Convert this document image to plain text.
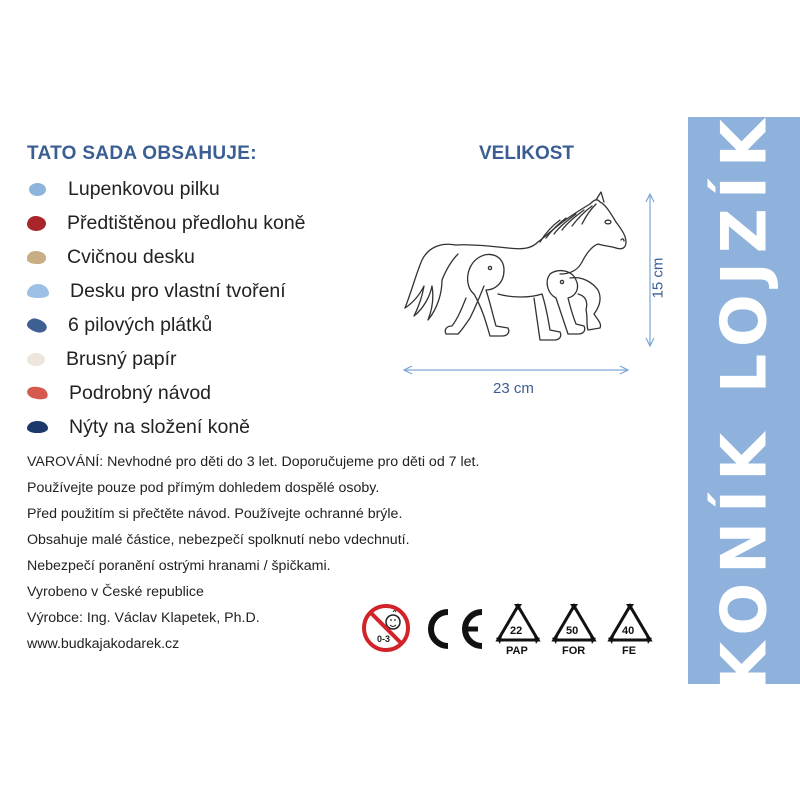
KONÍK LOJZÍK
TATO SADA OBSAHUJE:
Lupenkovou pilku
Předtištěnou předlohu koně
Cvičnou desku
Desku pro vlastní tvoření
6 pilových plátků
Brusný papír
Podrobný návod
Nýty na složení koně
VELIKOST
23 cm
15 cm
VAROVÁNÍ: Nevhodné pro děti do 3 let. Doporučujeme pro děti od 7 let.
Používejte pouze pod přímým dohledem dospělé osoby.
Před použitím si přečtěte návod. Používejte ochranné brýle.
Obsahuje malé částice, nebezpečí spolknutí nebo vdechnutí.
Nebezpečí poranění ostrými hranami / špičkami.
Vyrobeno v České republice
Výrobce: Ing. Václav Klapetek, Ph.D.
www.budkajakodarek.cz	0-3
22
PAP
50
FOR
40
FE
